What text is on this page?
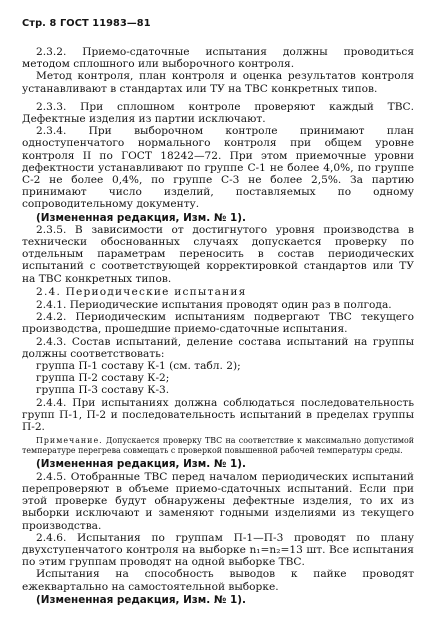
Стр. 8 ГОСТ 11983—81

2.3.2. Приемо-сдаточные испытания должны проводиться методом сплошного или выборочного контроля.

Метод контроля, план контроля и оценка результатов контроля устанавливают в стандартах или ТУ на ТВС конкретных типов.

2.3.3. При сплошном контроле проверяют каждый ТВС. Дефектные изделия из партии исключают.

2.3.4. При выборочном контроле принимают план одноступенчатого нормального контроля при общем уровне контроля II по ГОСТ 18242—72. При этом приемочные уровни дефектности устанавливают по группе С-1 не более 4,0%, по группе С-2 не более 0,4%, по группе С-3 не более 2,5%. За партию принимают число изделий, поставляемых по одному сопроводительному документу.

(Измененная редакция, Изм. № 1).

2.3.5. В зависимости от достигнутого уровня производства в технически обоснованных случаях допускается проверку по отдельным параметрам переносить в состав периодических испытаний с соответствующей корректировкой стандартов или ТУ на ТВС конкретных типов.

2.4. Периодические испытания

2.4.1. Периодические испытания проводят один раз в полгода.

2.4.2. Периодическим испытаниям подвергают ТВС текущего производства, прошедшие приемо-сдаточные испытания.

2.4.3. Состав испытаний, деление состава испытаний на группы должны соответствовать:

группа П-1 составу К-1 (см. табл. 2);

группа П-2 составу К-2;

группа П-3 составу К-3.

2.4.4. При испытаниях должна соблюдаться последовательность групп П-1, П-2 и последовательность испытаний в пределах группы П-2.

Примечание. Допускается проверку ТВС на соответствие к максимально допустимой температуре перегрева совмещать с проверкой повышенной рабочей температуры среды.

(Измененная редакция, Изм. № 1).

2.4.5. Отобранные ТВС перед началом периодических испытаний перепроверяют в объеме приемо-сдаточных испытаний. Если при этой проверке будут обнаружены дефектные изделия, то их из выборки исключают и заменяют годными изделиями из текущего производства.

2.4.6. Испытания по группам П-1—П-3 проводят по плану двухступенчатого контроля на выборке n₁=n₂=13 шт. Все испытания по этим группам проводят на одной выборке ТВС.

Испытания на способность выводов к пайке проводят ежеквартально на самостоятельной выборке.

(Измененная редакция, Изм. № 1).
